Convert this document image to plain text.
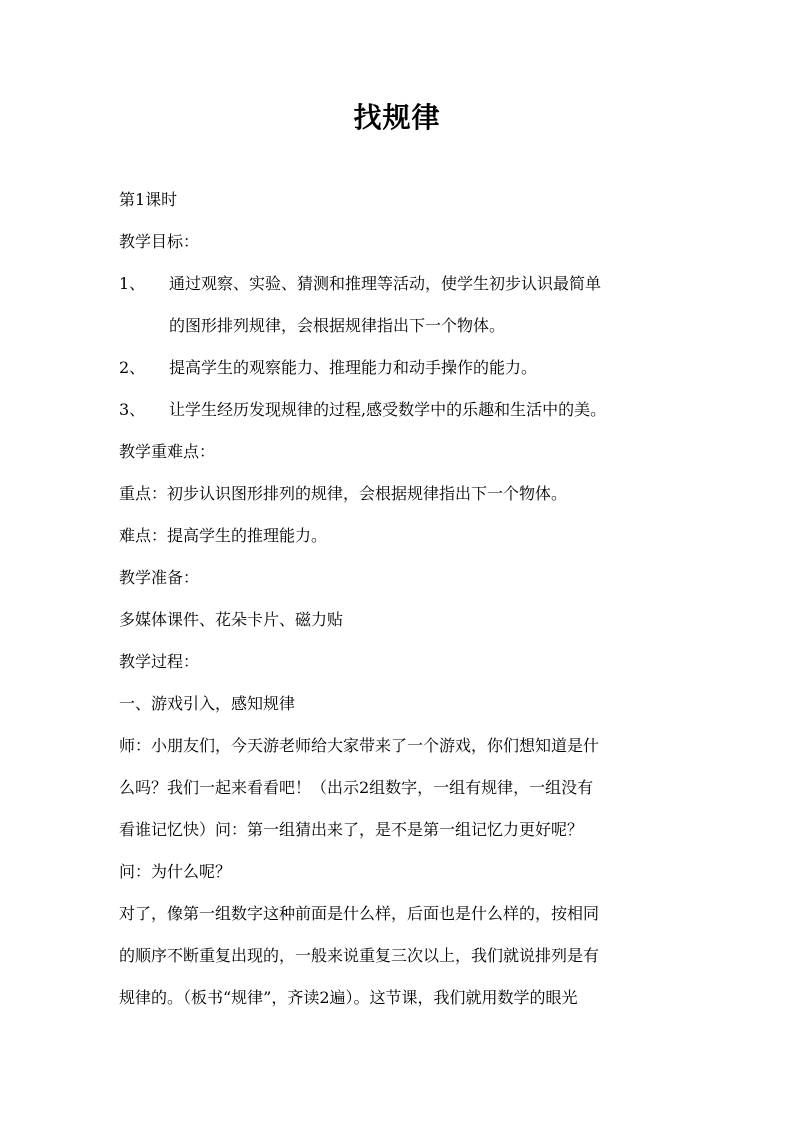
找规律
第1课时
教学目标：
1、 通过观察、实验、猜测和推理等活动，使学生初步认识最简单
的图形排列规律，会根据规律指出下一个物体。
2、 提高学生的观察能力、推理能力和动手操作的能力。
3、 让学生经历发现规律的过程,感受数学中的乐趣和生活中的美。
教学重难点：
重点：初步认识图形排列的规律，会根据规律指出下一个物体。
难点：提高学生的推理能力。
教学准备：
多媒体课件、花朵卡片、磁力贴
教学过程：
一、游戏引入，感知规律
师：小朋友们，今天游老师给大家带来了一个游戏，你们想知道是什
么吗？我们一起来看看吧！（出示2组数字，一组有规律，一组没有
看谁记忆快）问：第一组猜出来了，是不是第一组记忆力更好呢？
问：为什么呢？
对了，像第一组数字这种前面是什么样，后面也是什么样的，按相同
的顺序不断重复出现的，一般来说重复三次以上，我们就说排列是有
规律的。（板书“规律”，齐读2遍）。这节课，我们就用数学的眼光
